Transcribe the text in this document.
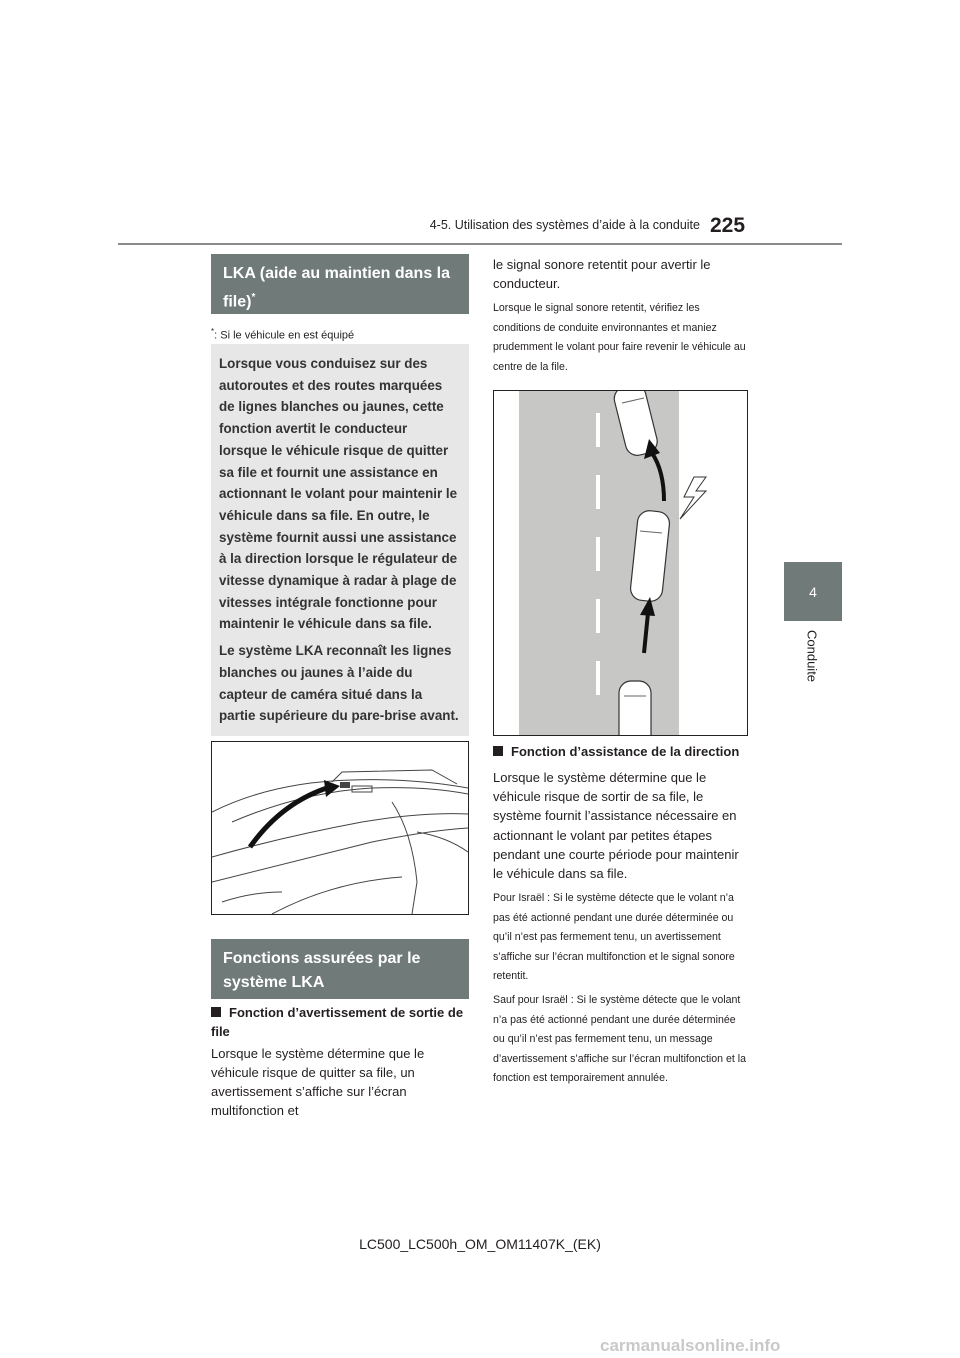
4-5. Utilisation des systèmes d’aide à la conduite 225
4
Conduite
LKA (aide au maintien dans la file)*
*: Si le véhicule en est équipé

Lorsque vous conduisez sur des autoroutes et des routes marquées de lignes blanches ou jaunes, cette fonction avertit le conducteur lorsque le véhicule risque de quitter sa file et fournit une assistance en actionnant le volant pour maintenir le véhicule dans sa file. En outre, le système fournit aussi une assistance à la direction lorsque le régulateur de vitesse dynamique à radar à plage de vitesses intégrale fonctionne pour maintenir le véhicule dans sa file.

Le système LKA reconnaît les lignes blanches ou jaunes à l’aide du capteur de caméra situé dans la partie supérieure du pare-brise avant.

Fonctions assurées par le système LKA
Fonction d’avertissement de sortie de file
Lorsque le système détermine que le véhicule risque de quitter sa file, un avertissement s’affiche sur l’écran multifonction et
le signal sonore retentit pour avertir le conducteur.
Lorsque le signal sonore retentit, vérifiez les conditions de conduite environnantes et maniez prudemment le volant pour faire revenir le véhicule au centre de la file.
Fonction d’assistance de la direction
Lorsque le système détermine que le véhicule risque de sortir de sa file, le système fournit l’assistance nécessaire en actionnant le volant par petites étapes pendant une courte période pour maintenir le véhicule dans sa file.
Pour Israël : Si le système détecte que le volant n’a pas été actionné pendant une durée déterminée ou qu’il n’est pas fermement tenu, un avertissement s’affiche sur l’écran multifonction et le signal sonore retentit.
Sauf pour Israël : Si le système détecte que le volant n’a pas été actionné pendant une durée déterminée ou qu’il n’est pas fermement tenu, un message d’avertissement s’affiche sur l’écran multifonction et la fonction est temporairement annulée.
LC500_LC500h_OM_OM11407K_(EK)
carmanualsonline.info
